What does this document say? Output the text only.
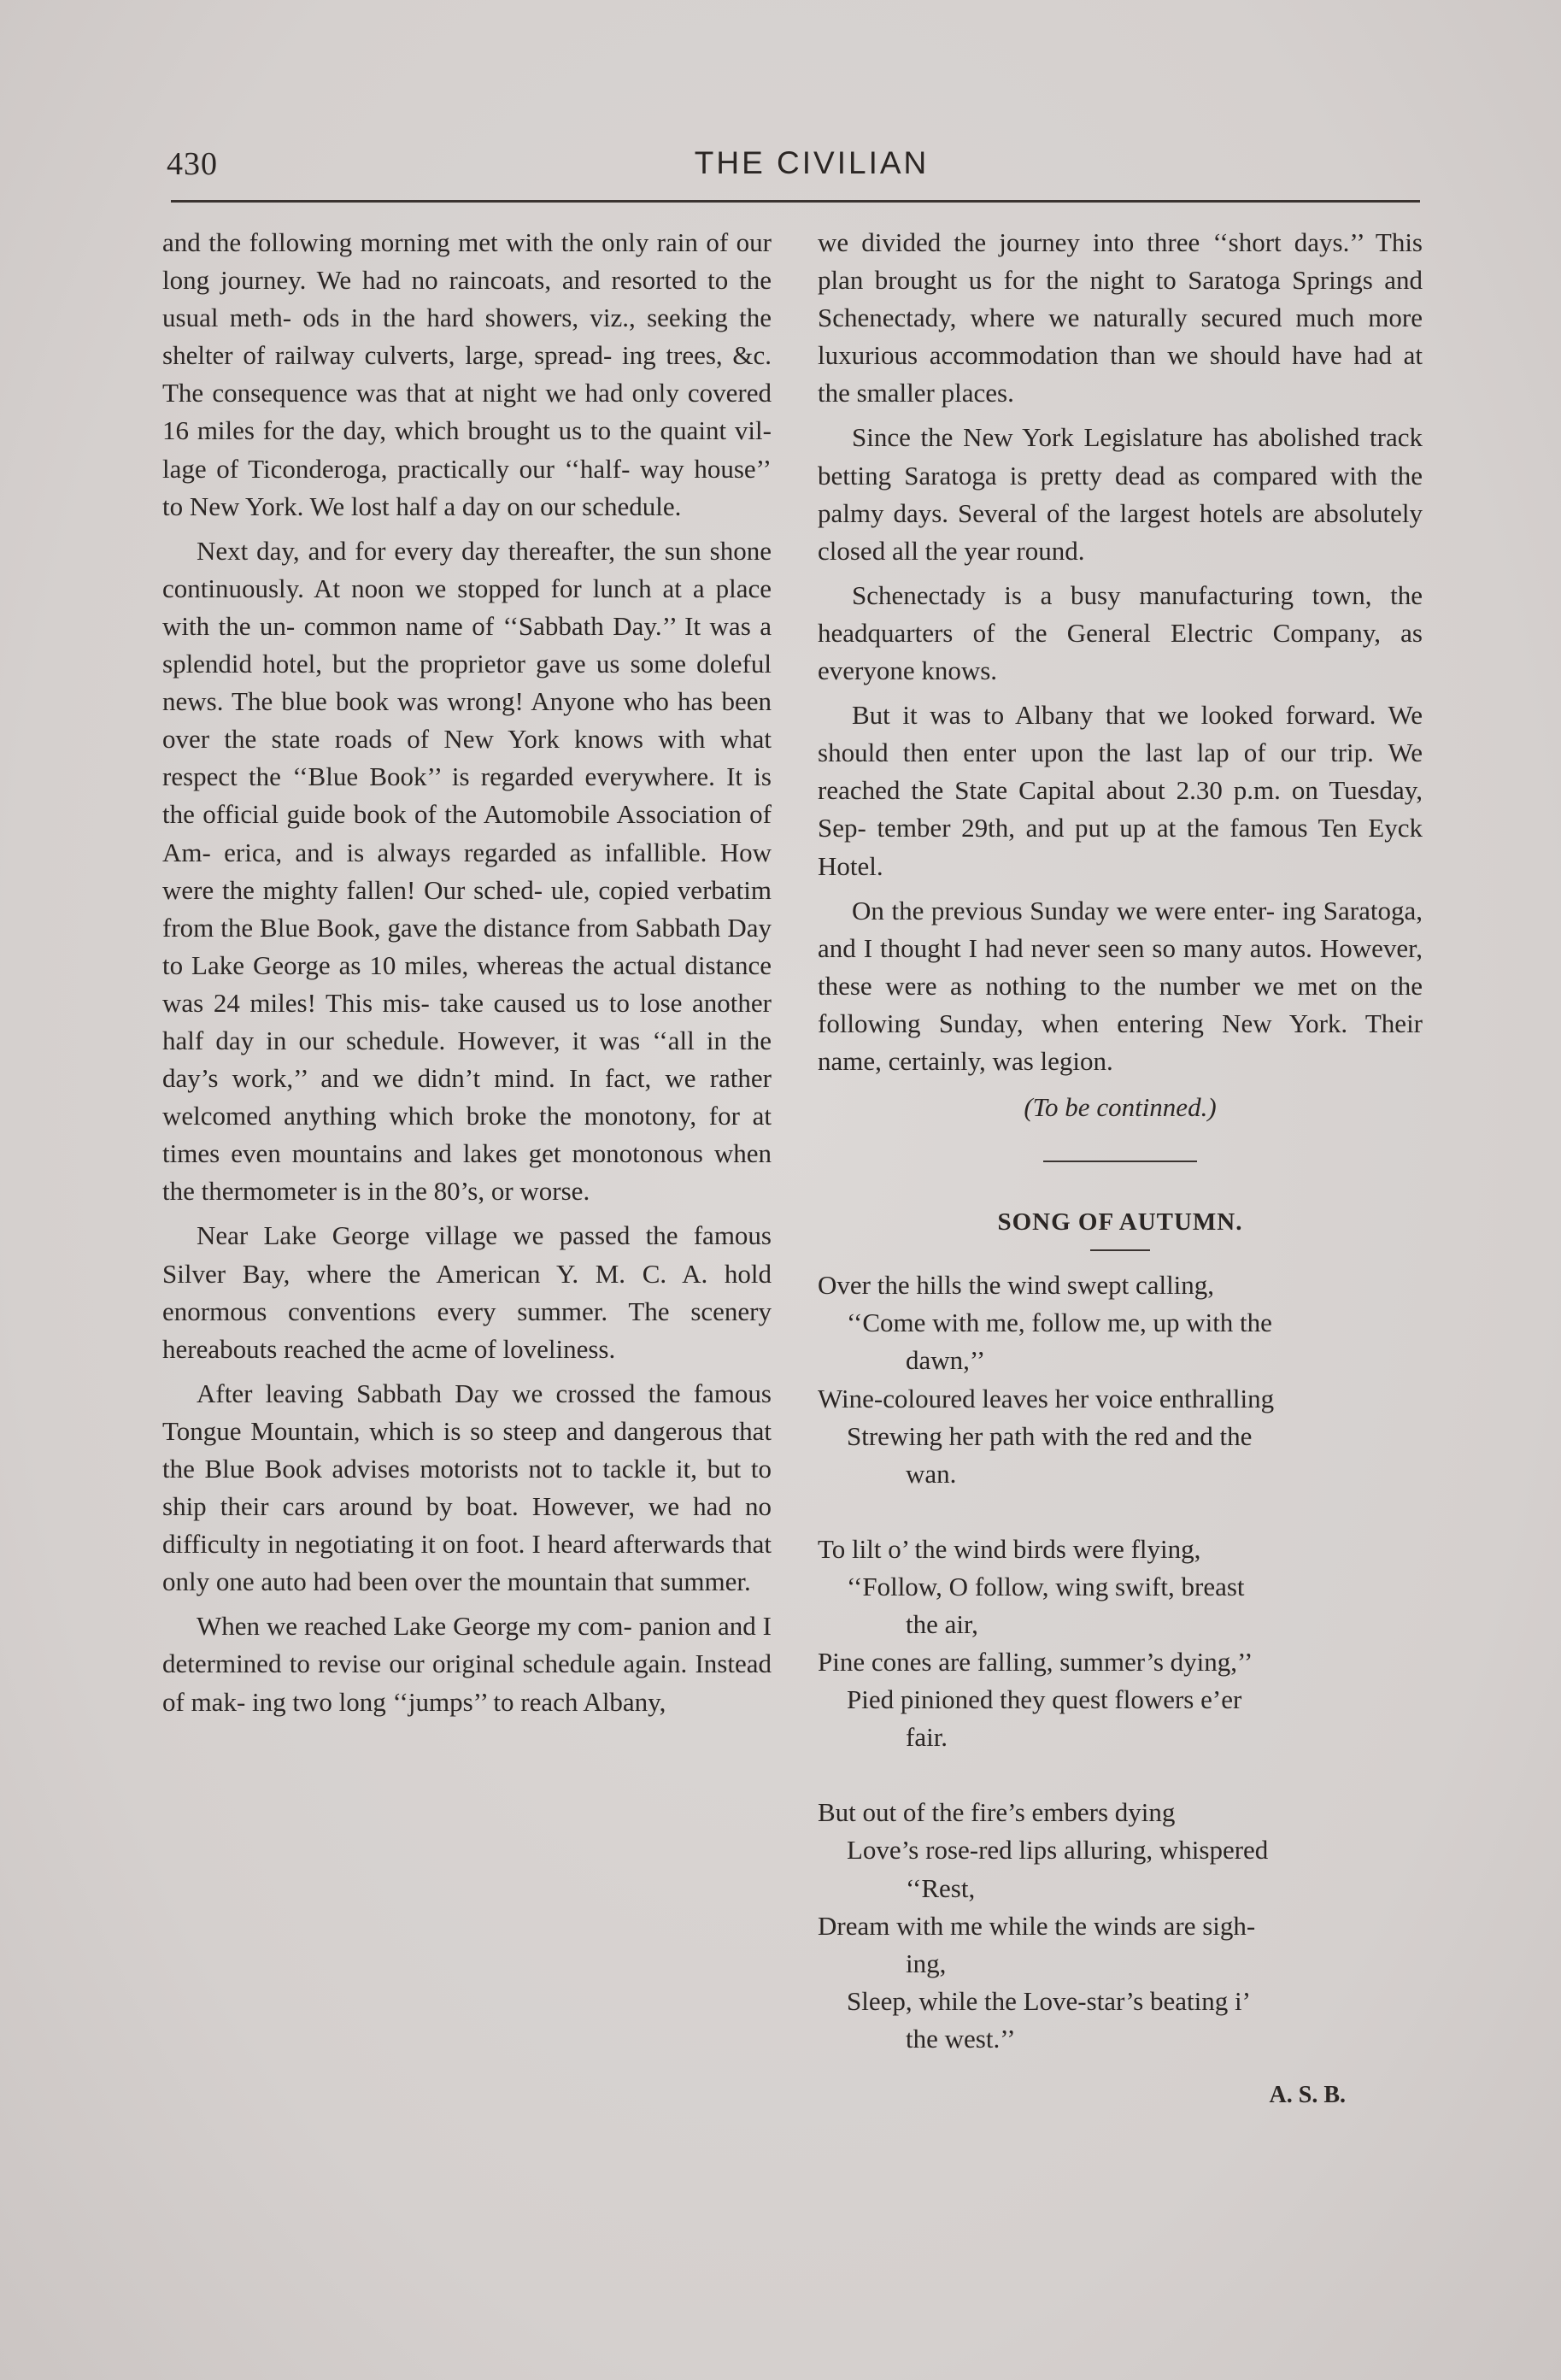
430	THE CIVILIAN

and the following morning met with the only rain of our long journey. We had no raincoats, and resorted to the usual meth- ods in the hard showers, viz., seeking the shelter of railway culverts, large, spread- ing trees, &c. The consequence was that at night we had only covered 16 miles for the day, which brought us to the quaint vil- lage of Ticonderoga, practically our ‘‘half- way house’’ to New York. We lost half a day on our schedule.

Next day, and for every day thereafter, the sun shone continuously. At noon we stopped for lunch at a place with the un- common name of ‘‘Sabbath Day.’’ It was a splendid hotel, but the proprietor gave us some doleful news. The blue book was wrong! Anyone who has been over the state roads of New York knows with what respect the ‘‘Blue Book’’ is regarded everywhere. It is the official guide book of the Automobile Association of Am- erica, and is always regarded as infallible. How were the mighty fallen! Our sched- ule, copied verbatim from the Blue Book, gave the distance from Sabbath Day to Lake George as 10 miles, whereas the actual distance was 24 miles! This mis- take caused us to lose another half day in our schedule. However, it was ‘‘all in the day’s work,’’ and we didn’t mind. In fact, we rather welcomed anything which broke the monotony, for at times even mountains and lakes get monotonous when the thermometer is in the 80’s, or worse.

Near Lake George village we passed the famous Silver Bay, where the American Y. M. C. A. hold enormous conventions every summer. The scenery hereabouts reached the acme of loveliness.

After leaving Sabbath Day we crossed the famous Tongue Mountain, which is so steep and dangerous that the Blue Book advises motorists not to tackle it, but to ship their cars around by boat. However, we had no difficulty in negotiating it on foot. I heard afterwards that only one auto had been over the mountain that summer.

When we reached Lake George my com- panion and I determined to revise our original schedule again. Instead of mak- ing two long ‘‘jumps’’ to reach Albany,

we divided the journey into three ‘‘short days.’’ This plan brought us for the night to Saratoga Springs and Schenectady, where we naturally secured much more luxurious accommodation than we should have had at the smaller places.

Since the New York Legislature has abolished track betting Saratoga is pretty dead as compared with the palmy days. Several of the largest hotels are absolutely closed all the year round.

Schenectady is a busy manufacturing town, the headquarters of the General Electric Company, as everyone knows.

But it was to Albany that we looked forward. We should then enter upon the last lap of our trip. We reached the State Capital about 2.30 p.m. on Tuesday, Sep- tember 29th, and put up at the famous Ten Eyck Hotel.

On the previous Sunday we were enter- ing Saratoga, and I thought I had never seen so many autos. However, these were as nothing to the number we met on the following Sunday, when entering New York. Their name, certainly, was legion.

(To be continned.)

SONG OF AUTUMN.
Over the hills the wind swept calling,
‘‘Come with me, follow me, up with the
dawn,’’
Wine-coloured leaves her voice enthralling
Strewing her path with the red and the
wan.
To lilt o’ the wind birds were flying,
‘‘Follow, O follow, wing swift, breast
the air,
Pine cones are falling, summer’s dying,’’
Pied pinioned they quest flowers e’er
fair.
But out of the fire’s embers dying
Love’s rose-red lips alluring, whispered
‘‘Rest,
Dream with me while the winds are sigh-
ing,
Sleep, while the Love-star’s beating i’
the west.’’
A. S. B.
